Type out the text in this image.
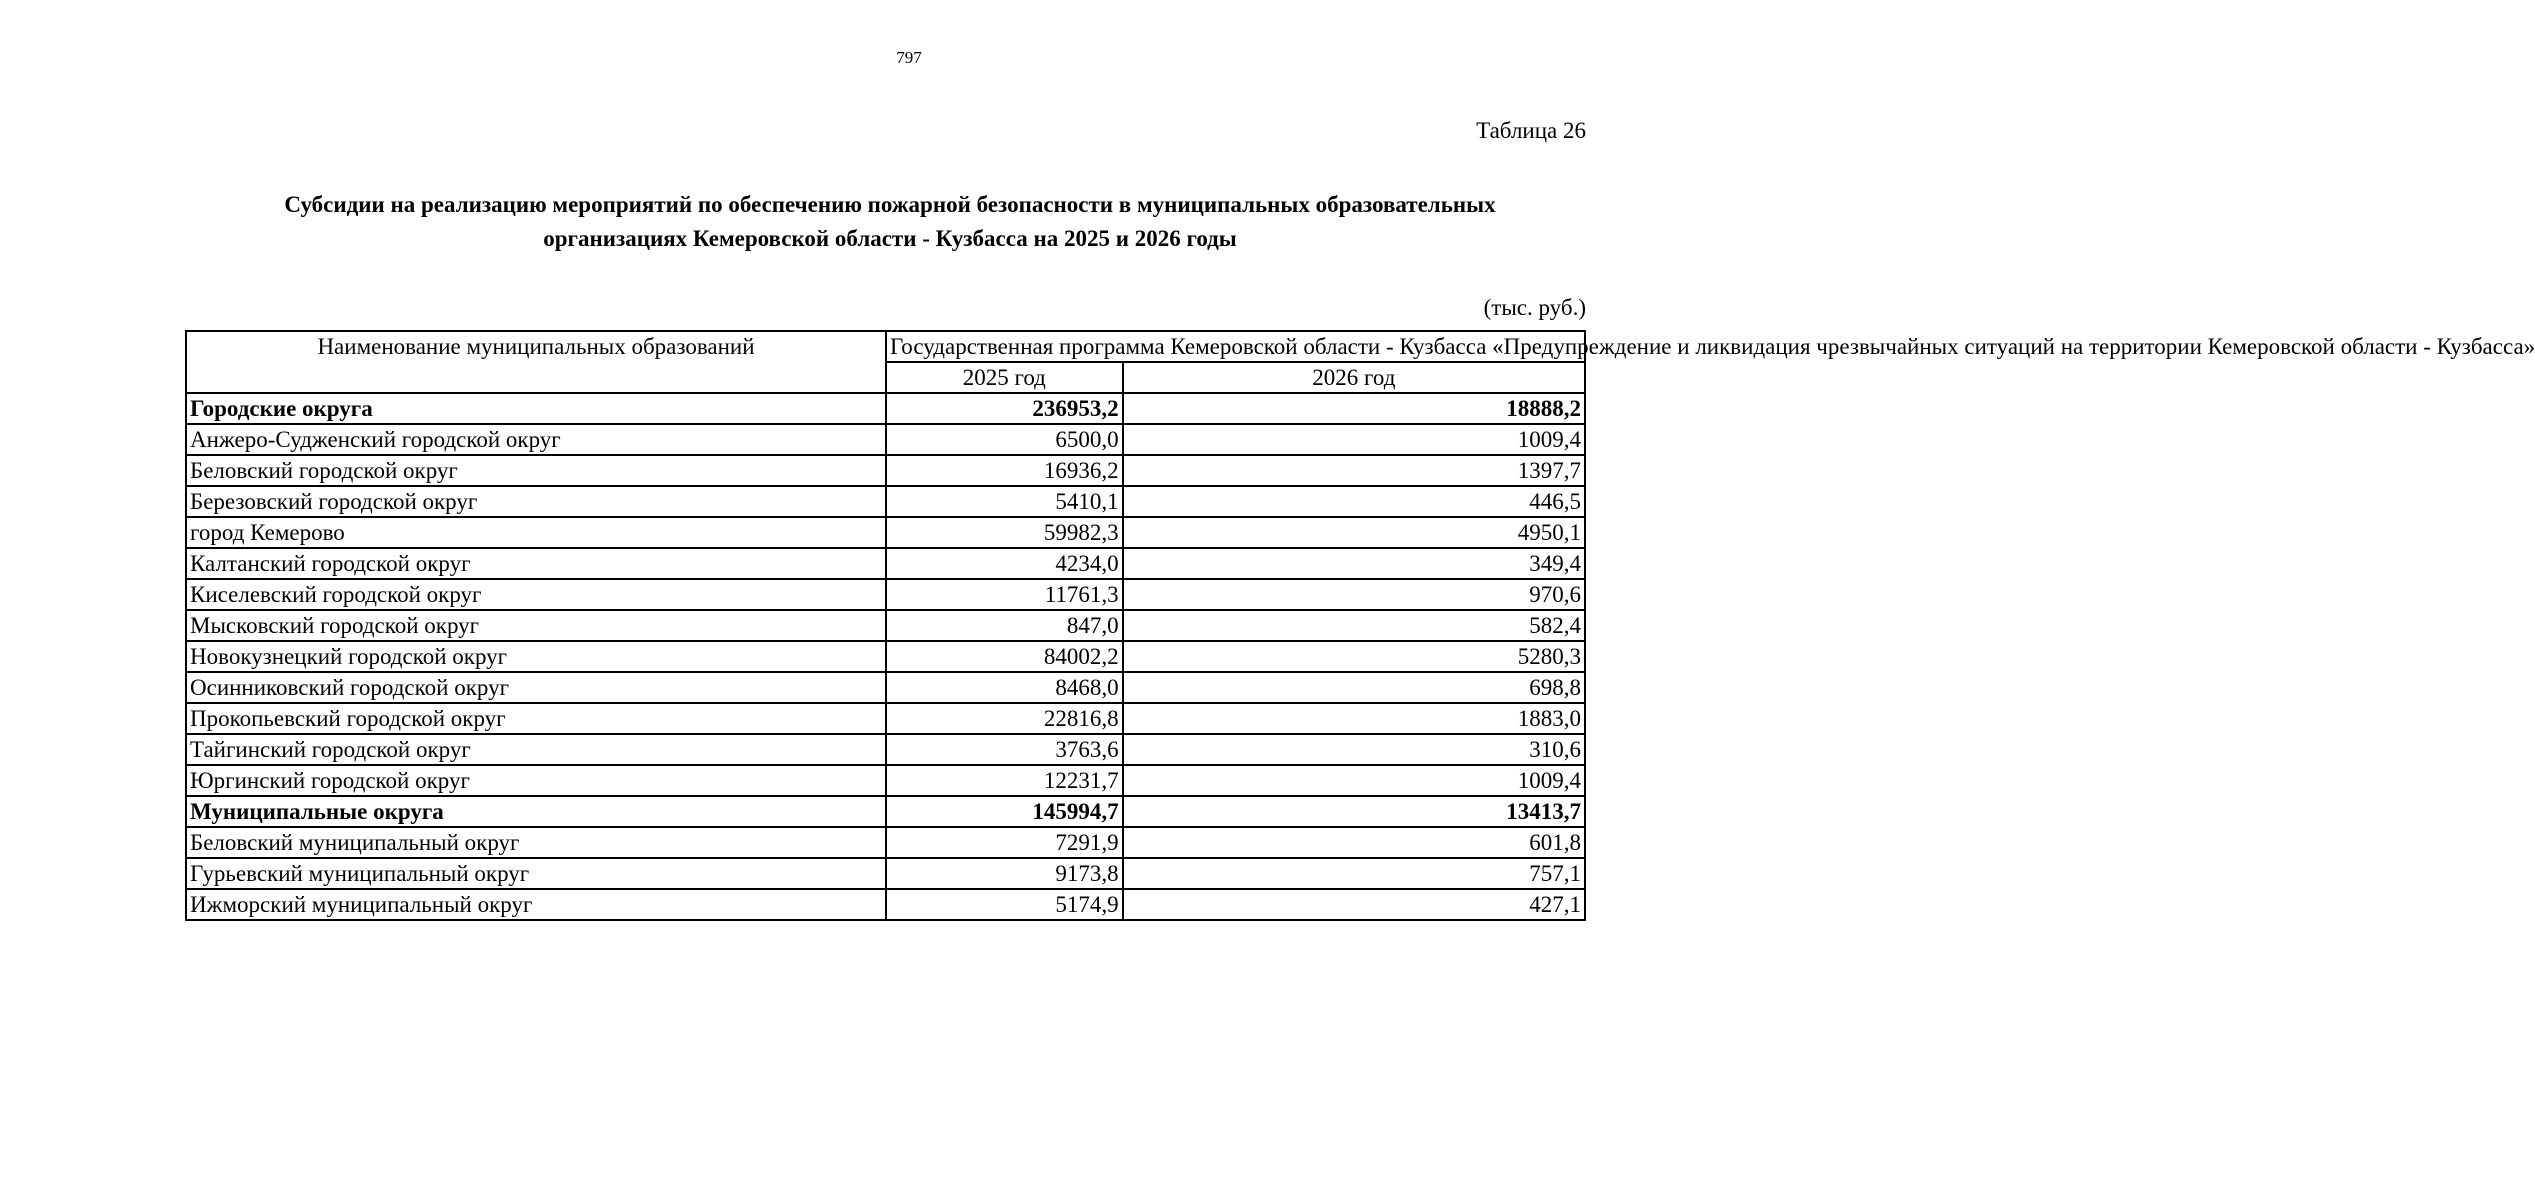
797
Таблица 26
Субсидии на реализацию мероприятий по обеспечению пожарной безопасности в муниципальных образовательных
организациях Кемеровской области - Кузбасса на 2025 и 2026 годы
(тыс. руб.)
Наименование муниципальных образований	Государственная программа Кемеровской области - Кузбасса «Предупреждение и ликвидация чрезвычайных ситуаций на территории Кемеровской области - Кузбасса»	
	2025 год	2026 год
Городские округа	236953,2	18888,2
Анжеро-Судженский городской округ	6500,0	1009,4
Беловский городской округ	16936,2	1397,7
Березовский городской округ	5410,1	446,5
город Кемерово	59982,3	4950,1
Калтанский городской округ	4234,0	349,4
Киселевский городской округ	11761,3	970,6
Мысковский городской округ	847,0	582,4
Новокузнецкий городской округ	84002,2	5280,3
Осинниковский городской округ	8468,0	698,8
Прокопьевский городской округ	22816,8	1883,0
Тайгинский городской округ	3763,6	310,6
Юргинский городской округ	12231,7	1009,4
Муниципальные округа	145994,7	13413,7
Беловский муниципальный округ	7291,9	601,8
Гурьевский муниципальный округ	9173,8	757,1
Ижморский муниципальный округ	5174,9	427,1
